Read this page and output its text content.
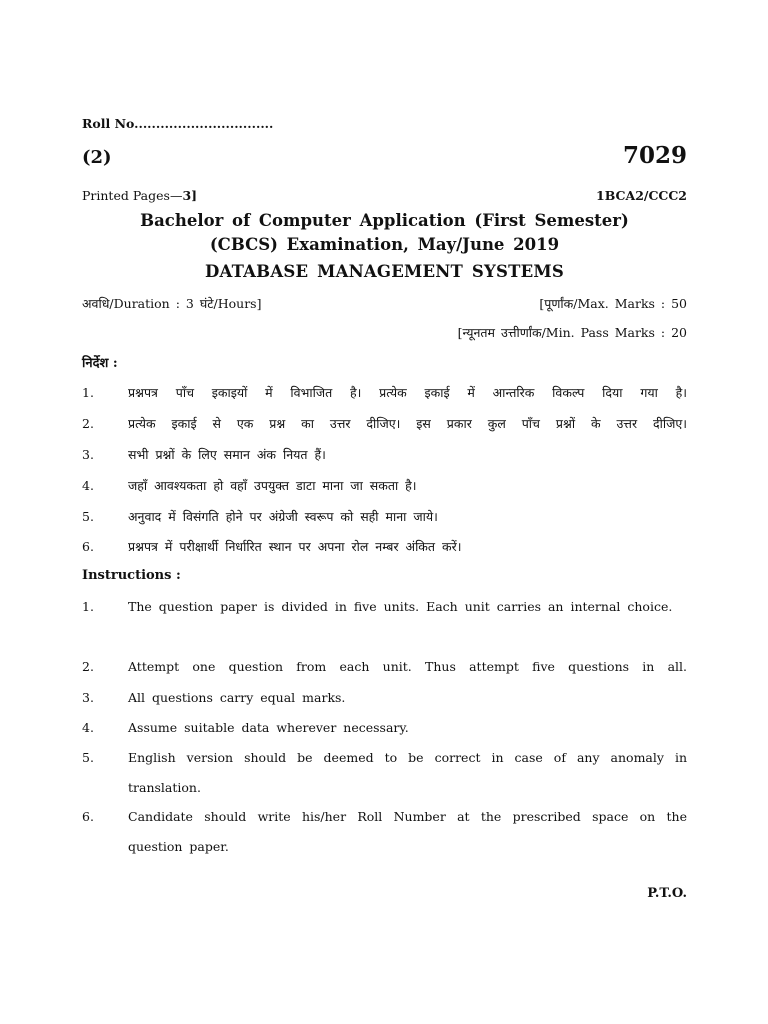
Roll No................................
(2)	7029
Printed Pages—3]	1BCA2/CCC2
Bachelor of Computer Application (First Semester)
(CBCS) Examination, May/June 2019
DATABASE MANAGEMENT SYSTEMS
अवधि/Duration : 3 घंटे/Hours]	[पूर्णांक/Max. Marks : 50
[न्यूनतम उत्तीर्णांक/Min. Pass Marks : 20
निर्देश :
1.	प्रश्नपत्र पाँच इकाइयों में विभाजित है। प्रत्येक इकाई में आन्तरिक विकल्प दिया गया है।
2.	प्रत्येक इकाई से एक प्रश्न का उत्तर दीजिए। इस प्रकार कुल पाँच प्रश्नों के उत्तर दीजिए।
3.	सभी प्रश्नों के लिए समान अंक नियत हैं।
4.	जहाँ आवश्यकता हो वहाँ उपयुक्त डाटा माना जा सकता है।
5.	अनुवाद में विसंगति होने पर अंग्रेजी स्वरूप को सही माना जाये।
6.	प्रश्नपत्र में परीक्षार्थी निर्धारित स्थान पर अपना रोल नम्बर अंकित करें।
Instructions :
1.	The question paper is divided in five units. Each unit carries an internal choice.
2.	Attempt one question from each unit. Thus attempt five questions in all.
3.	All questions carry equal marks.
4.	Assume suitable data wherever necessary.
5.	English version should be deemed to be correct in case of any anomaly in translation.
6.	Candidate should write his/her Roll Number at the prescribed space on the question paper.
P.T.O.
